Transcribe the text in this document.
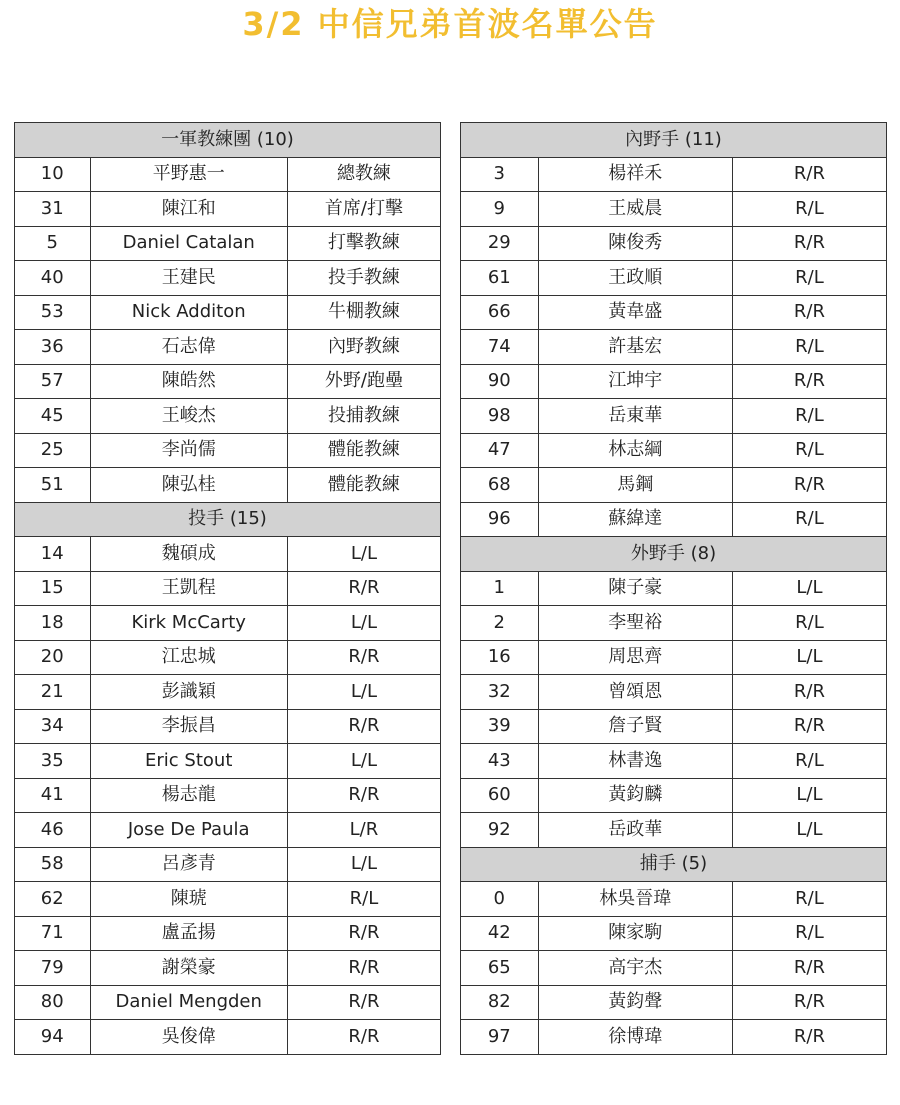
3/2 中信兄弟首波名單公告
一軍教練團 (10)		
10	平野惠一	總教練
31	陳江和	首席/打擊
5	Daniel Catalan	打擊教練
40	王建民	投手教練
53	Nick Additon	牛棚教練
36	石志偉	內野教練
57	陳皓然	外野/跑壘
45	王峻杰	投捕教練
25	李尚儒	體能教練
51	陳弘桂	體能教練
投手 (15)		
14	魏碩成	L/L
15	王凱程	R/R
18	Kirk McCarty	L/L
20	江忠城	R/R
21	彭識穎	L/L
34	李振昌	R/R
35	Eric Stout	L/L
41	楊志龍	R/R
46	Jose De Paula	L/R
58	呂彥青	L/L
62	陳琥	R/L
71	盧孟揚	R/R
79	謝榮豪	R/R
80	Daniel Mengden	R/R
94	吳俊偉	R/R
內野手 (11)		
3	楊祥禾	R/R
9	王威晨	R/L
29	陳俊秀	R/R
61	王政順	R/L
66	黃韋盛	R/R
74	許基宏	R/L
90	江坤宇	R/R
98	岳東華	R/L
47	林志綱	R/L
68	馬鋼	R/R
96	蘇緯達	R/L
外野手 (8)		
1	陳子豪	L/L
2	李聖裕	R/L
16	周思齊	L/L
32	曾頌恩	R/R
39	詹子賢	R/R
43	林書逸	R/L
60	黃鈞麟	L/L
92	岳政華	L/L
捕手 (5)		
0	林吳晉瑋	R/L
42	陳家駒	R/L
65	高宇杰	R/R
82	黃鈞聲	R/R
97	徐博瑋	R/R
